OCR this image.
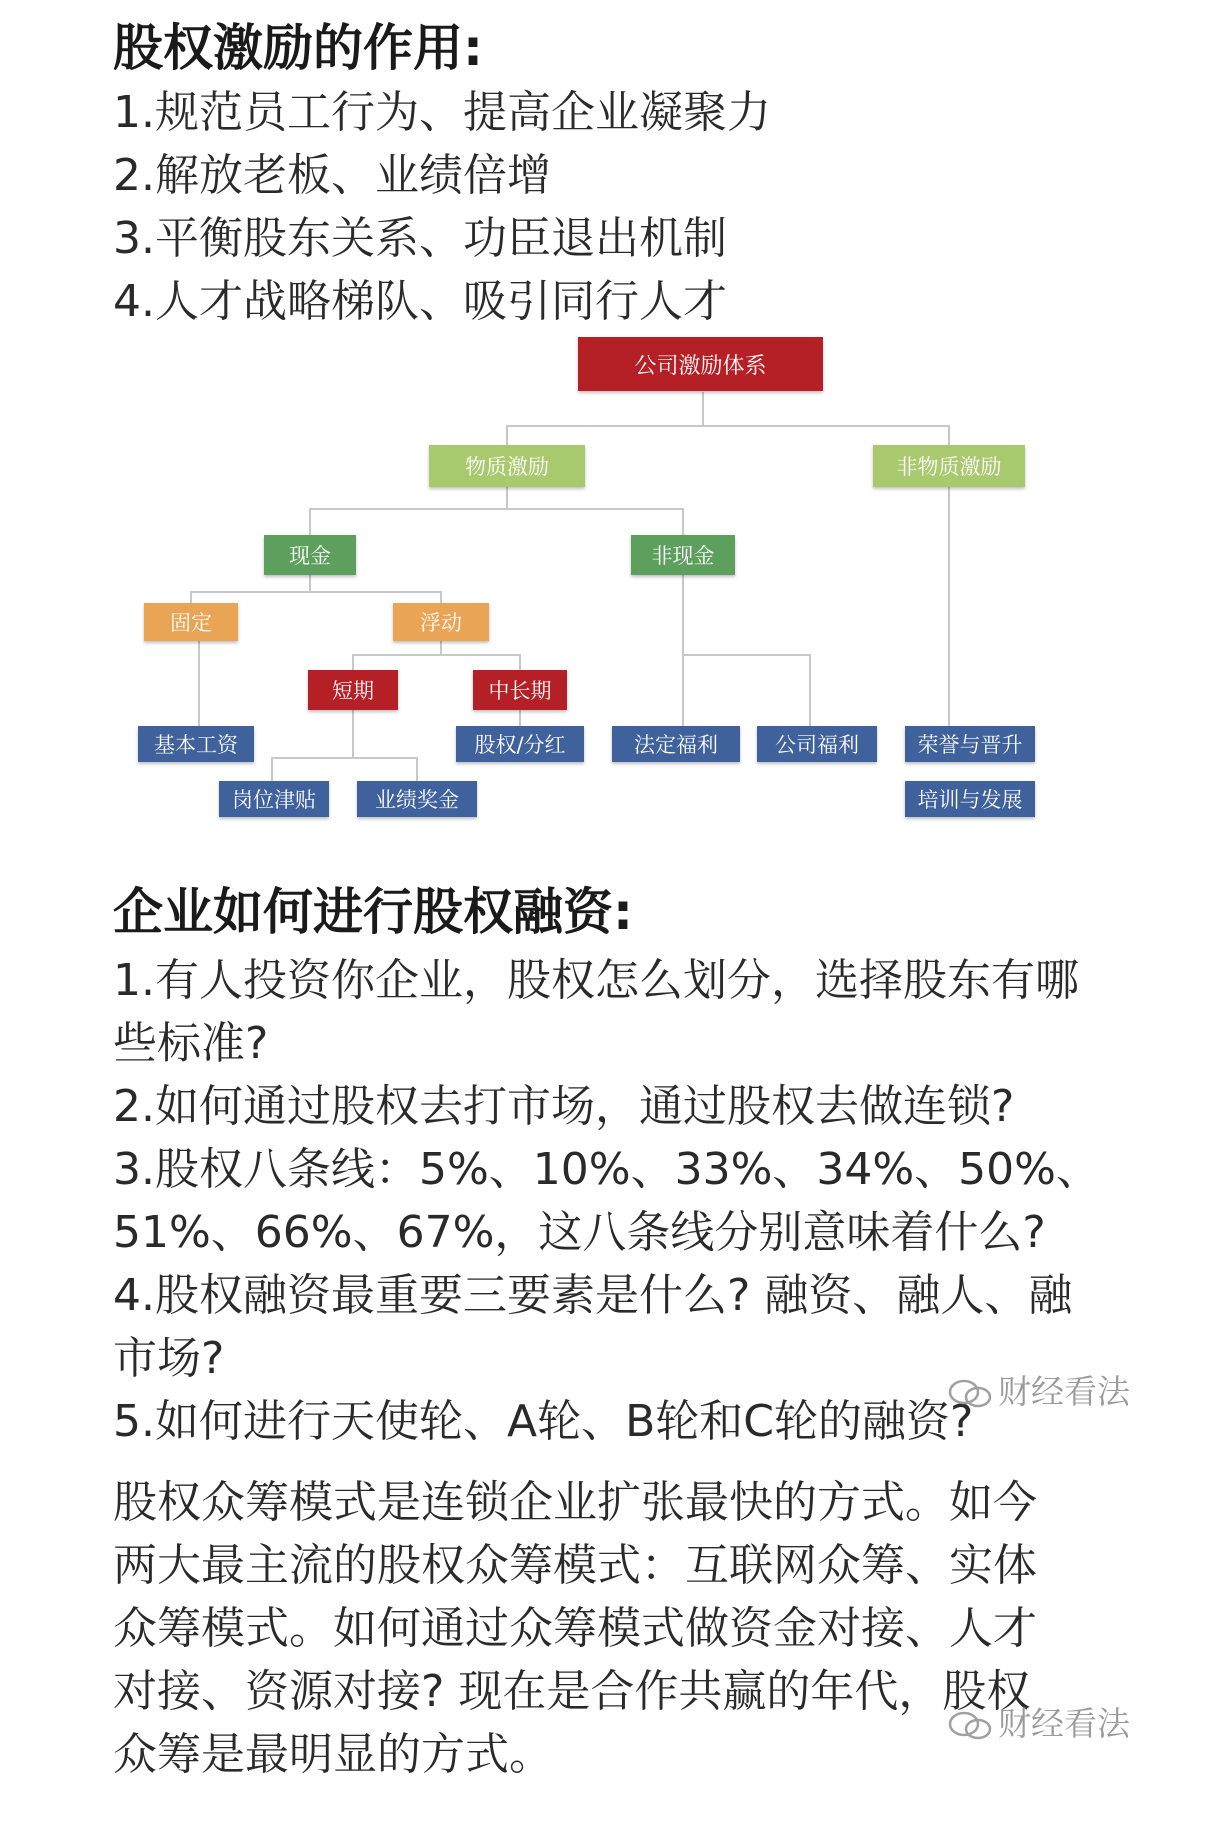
股权激励的作用:
1.规范员工行为、提高企业凝聚力
2.解放老板、业绩倍增
3.平衡股东关系、功臣退出机制
4.人才战略梯队、吸引同行人才
公司激励体系
物质激励	非物质激励
现金	非现金
固定	浮动
短期	中长期
基本工资	股权/分红	法定福利	公司福利	荣誉与晋升
岗位津贴	业绩奖金	培训与发展
企业如何进行股权融资:
1.有人投资你企业，股权怎么划分，选择股东有哪
些标准?
2.如何通过股权去打市场，通过股权去做连锁?
3.股权八条线：5%、10%、33%、34%、50%、
51%、66%、67%，这八条线分别意味着什么?
4.股权融资最重要三要素是什么? 融资、融人、融
市场?
5.如何进行天使轮、A轮、B轮和C轮的融资?
财经看法
股权众筹模式是连锁企业扩张最快的方式。如今
两大最主流的股权众筹模式：互联网众筹、实体
众筹模式。如何通过众筹模式做资金对接、人才
对接、资源对接? 现在是合作共赢的年代，股权
众筹是最明显的方式。
财经看法
